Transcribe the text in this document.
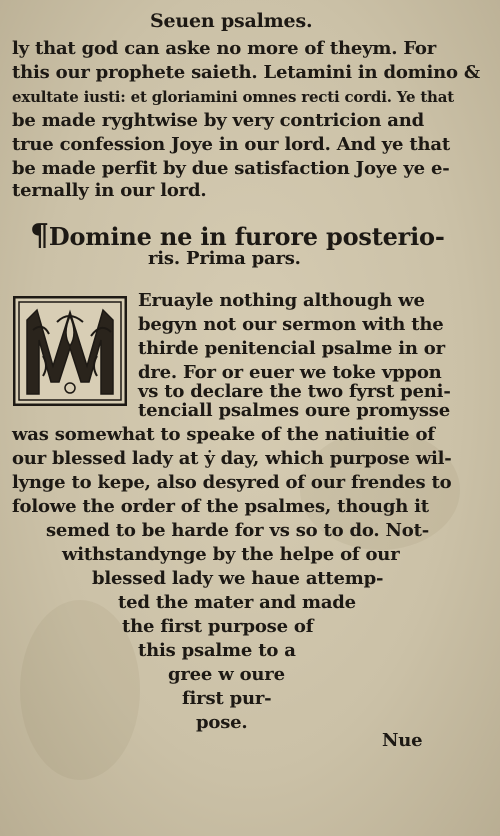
Seuen psalmes.
ly that god can aske no more of theym. For
this our prophete saieth. Letamini in domino &
exultate iusti: et gloriamini omnes recti cordi. Ye that
be made ryghtwise by very contricion and
true confession Joye in our lord. And ye that
be made perfit by due satisfaction Joye ye e-
ternally in our lord.
¶Domine ne in furore posterio-
ris. Prima pars.
Eruayle nothing although we
begyn not our sermon with the
thirde penitencial psalme in or
dre. For or euer we toke vppon
vs to declare the two fyrst peni-
tenciall psalmes oure promysse
was somewhat to speake of the natiuitie of
our blessed lady at ẏ day, which purpose wil-
lynge to kepe, also desyred of our frendes to
folowe the order of the psalmes, though it
semed to be harde for vs so to do. Not-
withstandynge by the helpe of our
blessed lady we haue attemp-
ted the mater and made
the first purpose of
this psalme to a
gree w oure
first pur-
pose.
Nue
